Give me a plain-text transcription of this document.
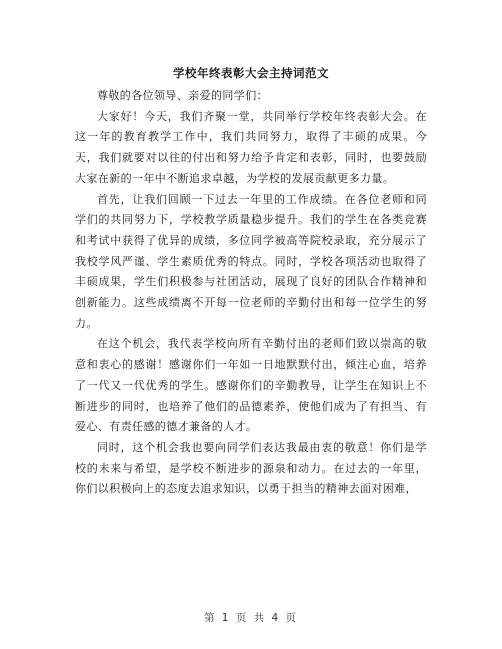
学校年终表彰大会主持词范文

尊敬的各位领导、亲爱的同学们：

大家好！今天，我们齐聚一堂，共同举行学校年终表彰大会。在这一年的教育教学工作中，我们共同努力，取得了丰硕的成果。今天，我们就要对以往的付出和努力给予肯定和表彰，同时，也要鼓励大家在新的一年中不断追求卓越，为学校的发展贡献更多力量。

首先，让我们回顾一下过去一年里的工作成绩。在各位老师和同学们的共同努力下，学校教学质量稳步提升。我们的学生在各类竞赛和考试中获得了优异的成绩，多位同学被高等院校录取，充分展示了我校学风严谨、学生素质优秀的特点。同时，学校各项活动也取得了丰硕成果，学生们积极参与社团活动，展现了良好的团队合作精神和创新能力。这些成绩离不开每一位老师的辛勤付出和每一位学生的努力。

在这个机会，我代表学校向所有辛勤付出的老师们致以崇高的敬意和衷心的感谢！感谢你们一年如一日地默默付出，倾注心血，培养了一代又一代优秀的学生。感谢你们的辛勤教导，让学生在知识上不断进步的同时，也培养了他们的品德素养，使他们成为了有担当、有爱心、有责任感的德才兼备的人才。

同时，这个机会我也要向同学们表达我最由衷的敬意！你们是学校的未来与希望，是学校不断进步的源泉和动力。在过去的一年里，你们以积极向上的态度去追求知识，以勇于担当的精神去面对困难，

第 1 页 共 4 页
